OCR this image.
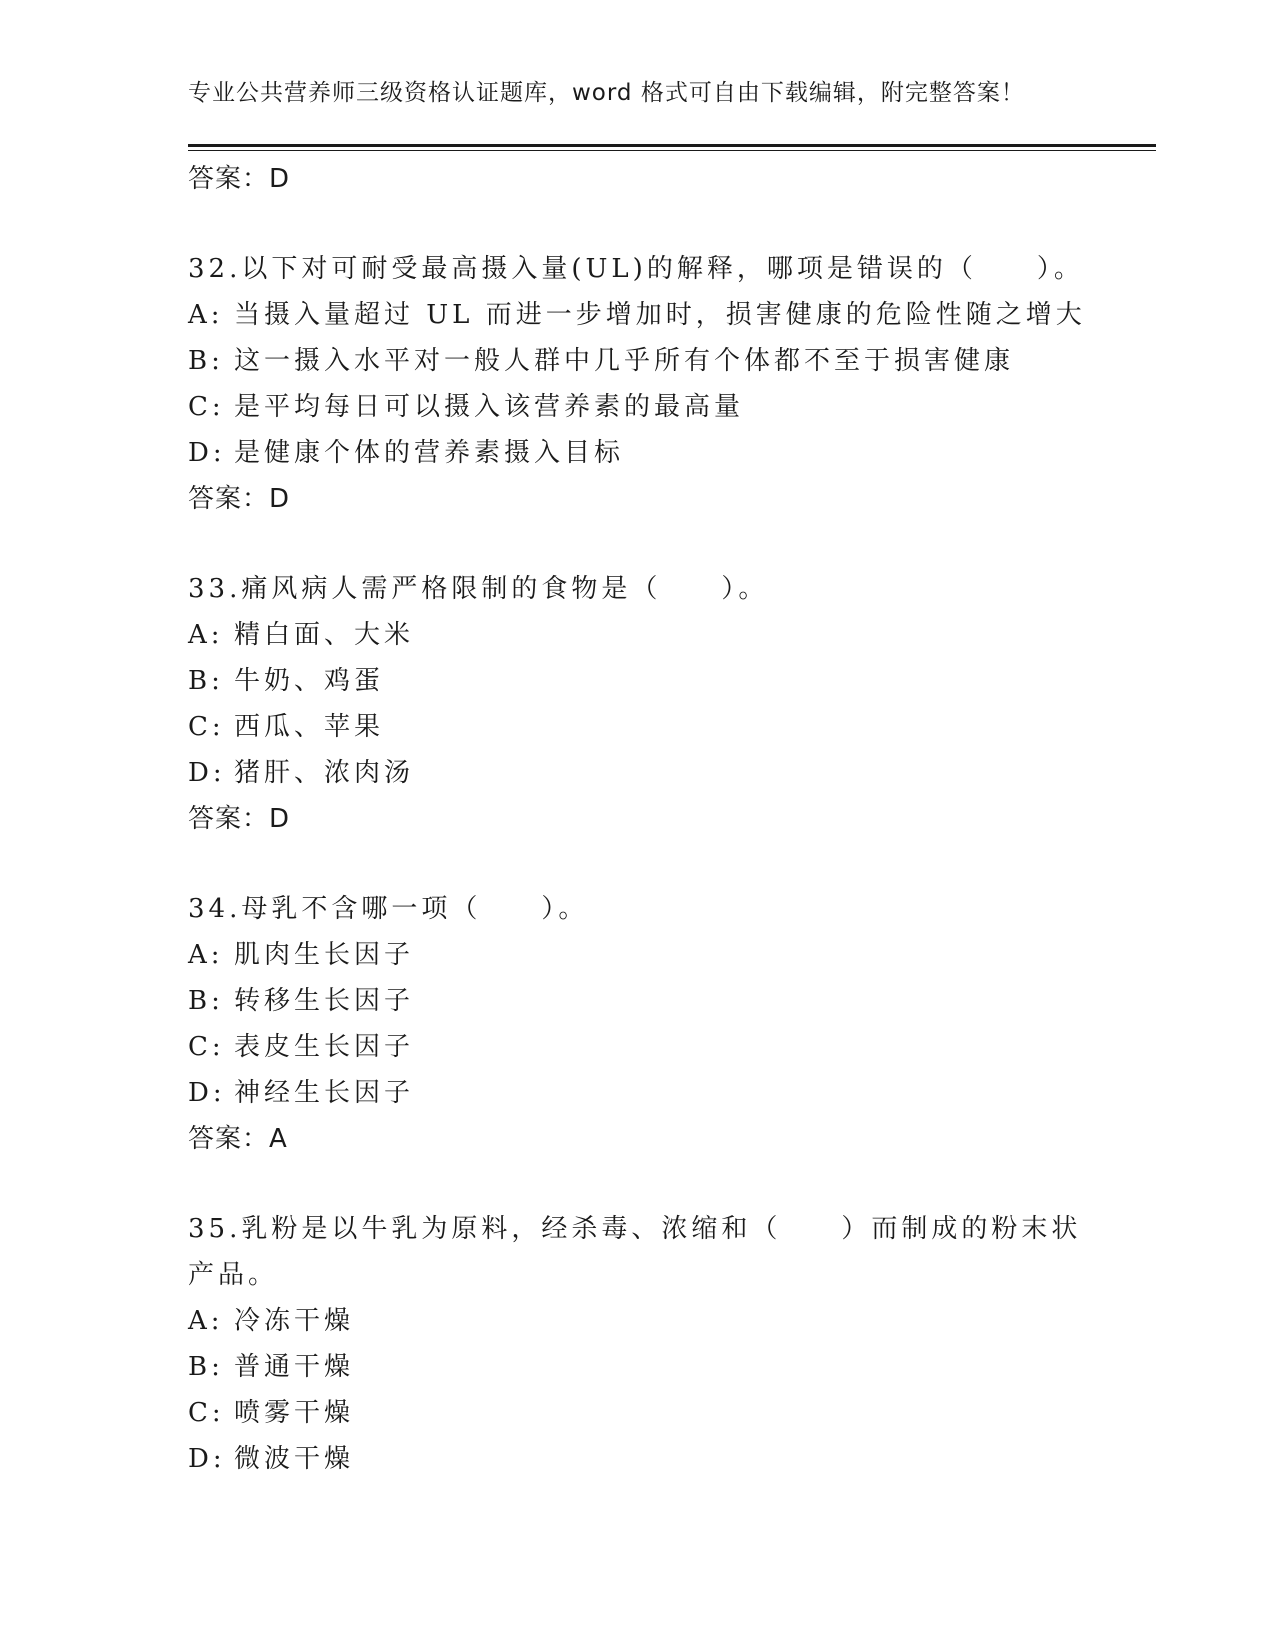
专业公共营养师三级资格认证题库，word 格式可自由下载编辑，附完整答案！
答案：D
32.以下对可耐受最高摄入量(UL)的解释，哪项是错误的（　　）。
A: 当摄入量超过 UL 而进一步增加时，损害健康的危险性随之增大
B: 这一摄入水平对一般人群中几乎所有个体都不至于损害健康
C: 是平均每日可以摄入该营养素的最高量
D: 是健康个体的营养素摄入目标
答案：D
33.痛风病人需严格限制的食物是（　　）。
A: 精白面、大米
B: 牛奶、鸡蛋
C: 西瓜、苹果
D: 猪肝、浓肉汤
答案：D
34.母乳不含哪一项（　　）。
A: 肌肉生长因子
B: 转移生长因子
C: 表皮生长因子
D: 神经生长因子
答案：A
35.乳粉是以牛乳为原料，经杀毒、浓缩和（　　）而制成的粉末状产品。
A: 冷冻干燥
B: 普通干燥
C: 喷雾干燥
D: 微波干燥
